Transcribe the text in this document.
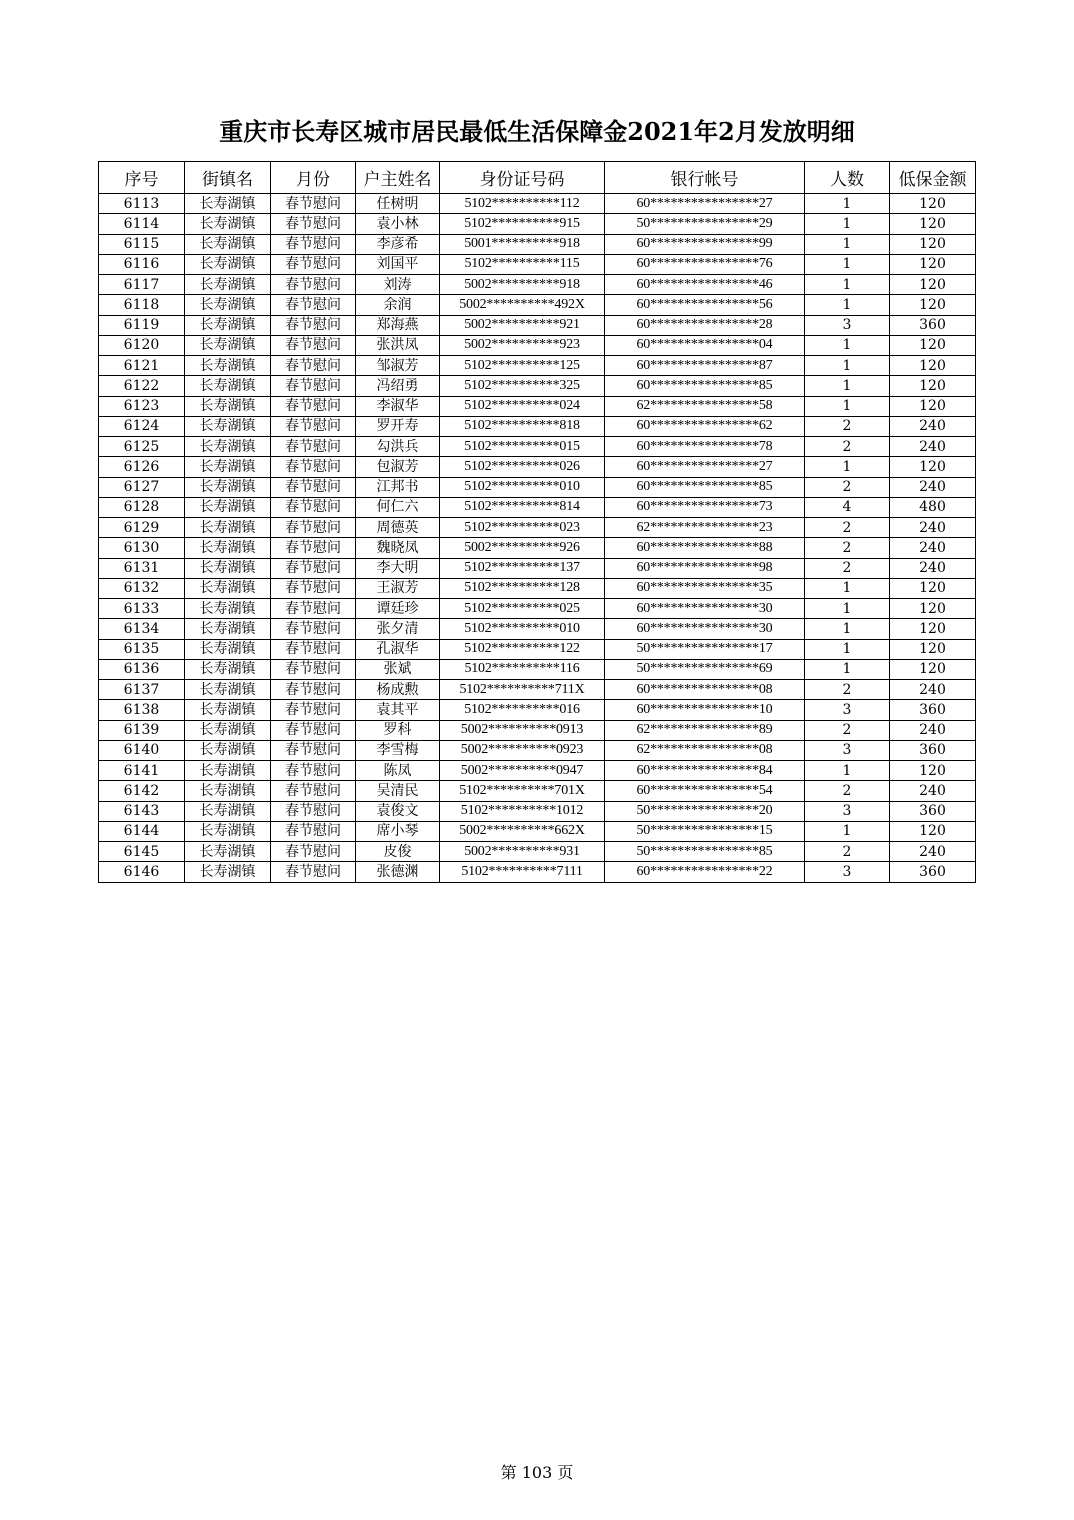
重庆市长寿区城市居民最低生活保障金2021年2月发放明细
序号	街镇名	月份	户主姓名	身份证号码	银行帐号	人数	低保金额
6113	长寿湖镇	春节慰问	任树明	5102**********112	60****************27	1	120
6114	长寿湖镇	春节慰问	袁小林	5102**********915	50****************29	1	120
6115	长寿湖镇	春节慰问	李彦希	5001**********918	60****************99	1	120
6116	长寿湖镇	春节慰问	刘国平	5102**********115	60****************76	1	120
6117	长寿湖镇	春节慰问	刘涛	5002**********918	60****************46	1	120
6118	长寿湖镇	春节慰问	余润	5002**********492X	60****************56	1	120
6119	长寿湖镇	春节慰问	郑海燕	5002**********921	60****************28	3	360
6120	长寿湖镇	春节慰问	张洪凤	5002**********923	60****************04	1	120
6121	长寿湖镇	春节慰问	邹淑芳	5102**********125	60****************87	1	120
6122	长寿湖镇	春节慰问	冯绍勇	5102**********325	60****************85	1	120
6123	长寿湖镇	春节慰问	李淑华	5102**********024	62****************58	1	120
6124	长寿湖镇	春节慰问	罗开寿	5102**********818	60****************62	2	240
6125	长寿湖镇	春节慰问	勾洪兵	5102**********015	60****************78	2	240
6126	长寿湖镇	春节慰问	包淑芳	5102**********026	60****************27	1	120
6127	长寿湖镇	春节慰问	江邦书	5102**********010	60****************85	2	240
6128	长寿湖镇	春节慰问	何仁六	5102**********814	60****************73	4	480
6129	长寿湖镇	春节慰问	周德英	5102**********023	62****************23	2	240
6130	长寿湖镇	春节慰问	魏晓凤	5002**********926	60****************88	2	240
6131	长寿湖镇	春节慰问	李大明	5102**********137	60****************98	2	240
6132	长寿湖镇	春节慰问	王淑芳	5102**********128	60****************35	1	120
6133	长寿湖镇	春节慰问	谭廷珍	5102**********025	60****************30	1	120
6134	长寿湖镇	春节慰问	张夕清	5102**********010	60****************30	1	120
6135	长寿湖镇	春节慰问	孔淑华	5102**********122	50****************17	1	120
6136	长寿湖镇	春节慰问	张斌	5102**********116	50****************69	1	120
6137	长寿湖镇	春节慰问	杨成勲	5102**********711X	60****************08	2	240
6138	长寿湖镇	春节慰问	袁其平	5102**********016	60****************10	3	360
6139	长寿湖镇	春节慰问	罗科	5002**********0913	62****************89	2	240
6140	长寿湖镇	春节慰问	李雪梅	5002**********0923	62****************08	3	360
6141	长寿湖镇	春节慰问	陈凤	5002**********0947	60****************84	1	120
6142	长寿湖镇	春节慰问	吴清民	5102**********701X	60****************54	2	240
6143	长寿湖镇	春节慰问	袁俊文	5102**********1012	50****************20	3	360
6144	长寿湖镇	春节慰问	席小琴	5002**********662X	50****************15	1	120
6145	长寿湖镇	春节慰问	皮俊	5002**********931	50****************85	2	240
6146	长寿湖镇	春节慰问	张德渊	5102**********7111	60****************22	3	360
第 103 页
